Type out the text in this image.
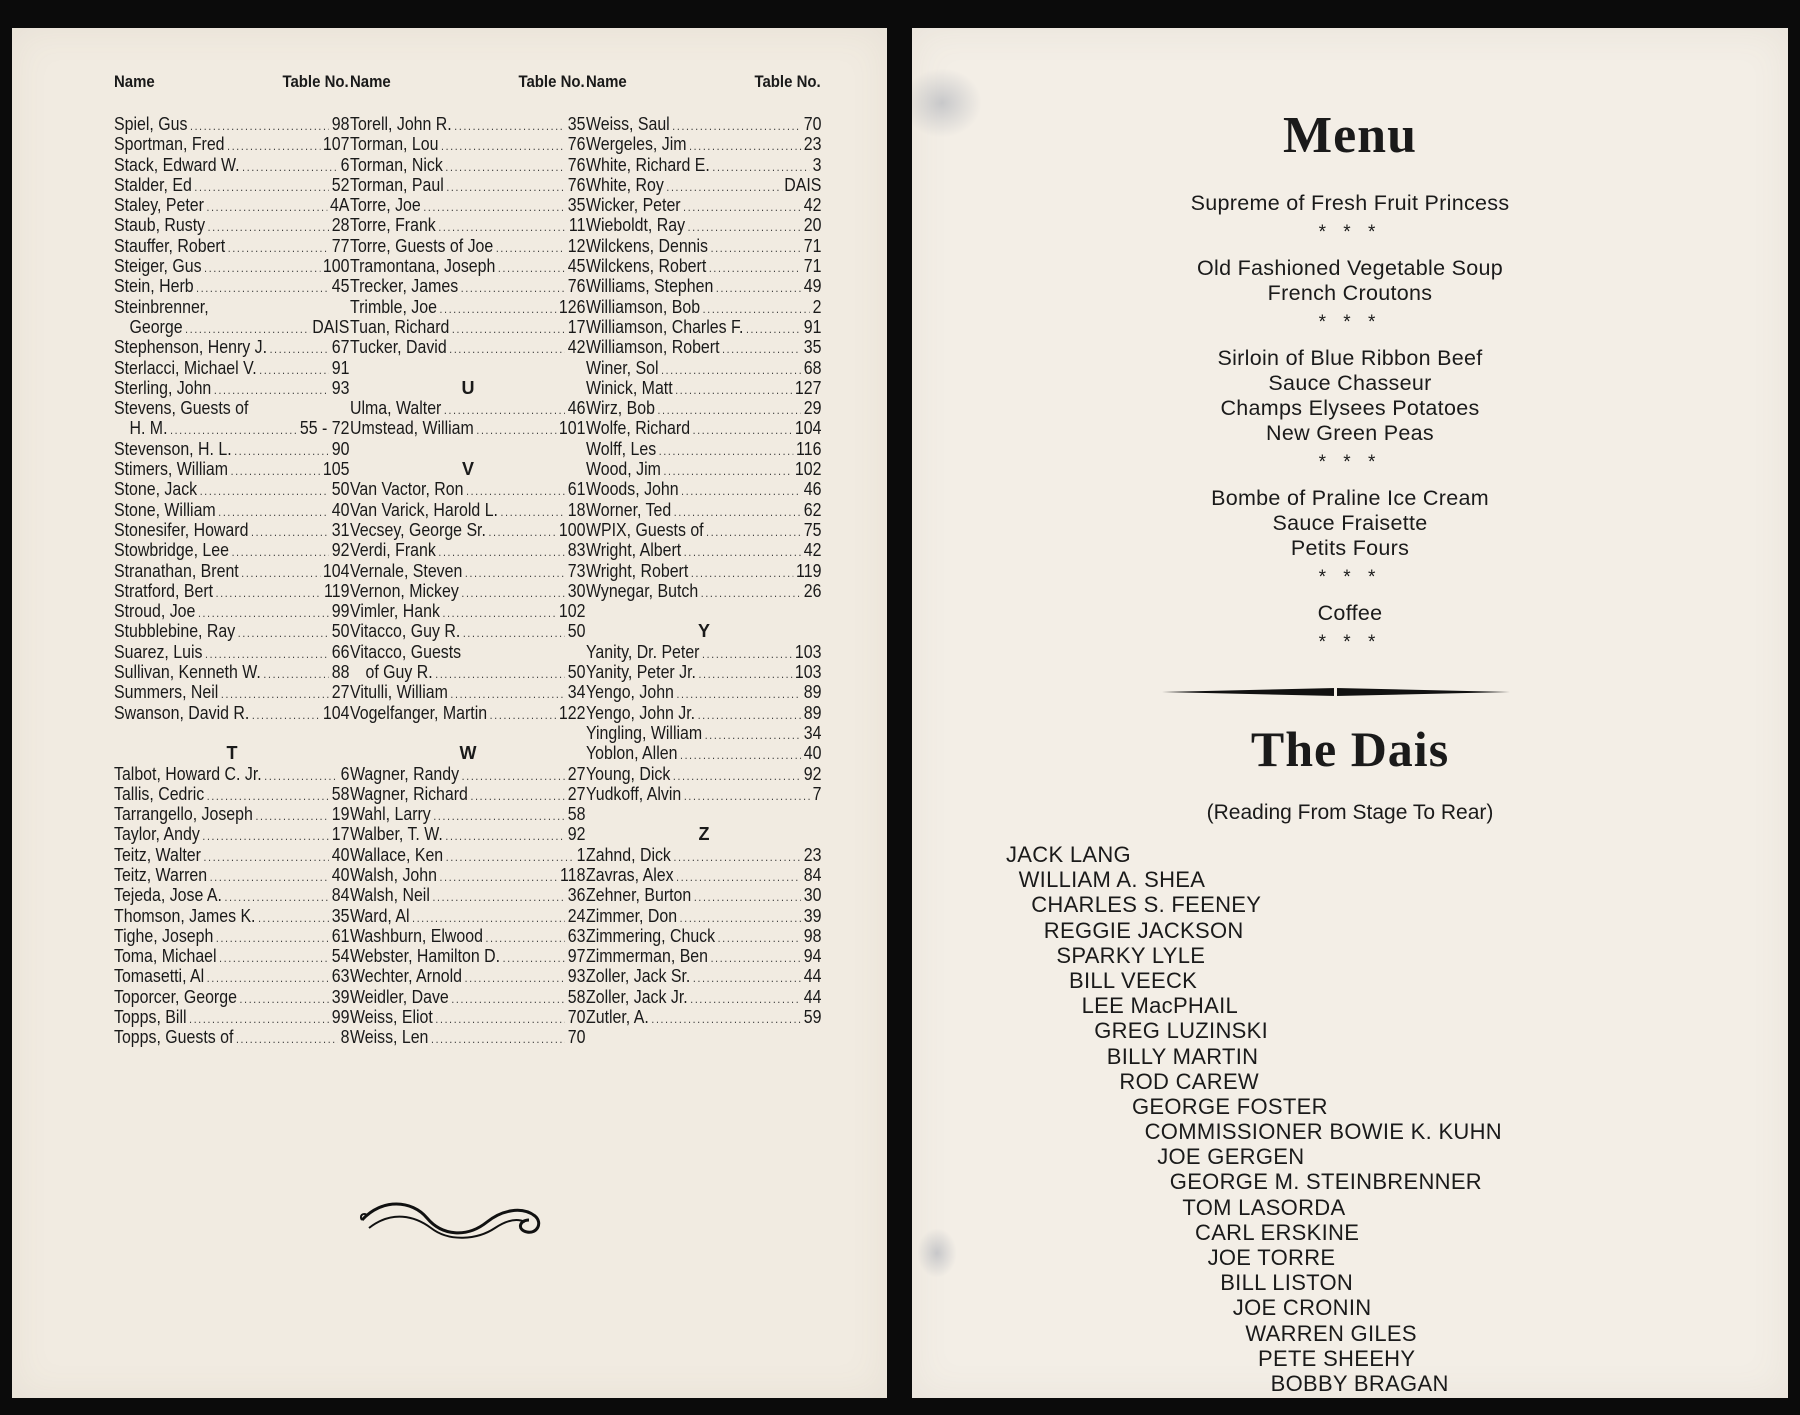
Name	Table No.
Spiel, Gus .....	98
Sportman, Fred .....	107
Stack, Edward W. .....	6
Stalder, Ed .....	52
Staley, Peter .....	4A
Staub, Rusty .....	28
Stauffer, Robert .....	77
Steiger, Gus .....	100
Stein, Herb .....	45
Steinbrenner,
George .....	DAIS
Stephenson, Henry J. .....	67
Sterlacci, Michael V. .....	91
Sterling, John .....	93
Stevens, Guests of
H. M. .....	55 - 72
Stevenson, H. L. .....	90
Stimers, William .....	105
Stone, Jack .....	50
Stone, William .....	40
Stonesifer, Howard .....	31
Stowbridge, Lee .....	92
Stranathan, Brent .....	104
Stratford, Bert .....	119
Stroud, Joe .....	99
Stubblebine, Ray .....	50
Suarez, Luis .....	66
Sullivan, Kenneth W. .....	88
Summers, Neil .....	27
Swanson, David R. .....	104
T
Talbot, Howard C. Jr. .....	6
Tallis, Cedric .....	58
Tarrangello, Joseph .....	19
Taylor, Andy .....	17
Teitz, Walter .....	40
Teitz, Warren .....	40
Tejeda, Jose A. .....	84
Thomson, James K. .....	35
Tighe, Joseph .....	61
Toma, Michael .....	54
Tomasetti, Al .....	63
Toporcer, George .....	39
Topps, Bill .....	99
Topps, Guests of .....	8
Name	Table No.
Torell, John R. .....	35
Torman, Lou .....	76
Torman, Nick .....	76
Torman, Paul .....	76
Torre, Joe .....	35
Torre, Frank .....	11
Torre, Guests of Joe .....	12
Tramontana, Joseph .....	45
Trecker, James .....	76
Trimble, Joe .....	126
Tuan, Richard .....	17
Tucker, David .....	42
U
Ulma, Walter .....	46
Umstead, William .....	101
V
Van Vactor, Ron .....	61
Van Varick, Harold L. .....	18
Vecsey, George Sr. .....	100
Verdi, Frank .....	83
Vernale, Steven .....	73
Vernon, Mickey .....	30
Vimler, Hank .....	102
Vitacco, Guy R. .....	50
Vitacco, Guests
of Guy R. .....	50
Vitulli, William .....	34
Vogelfanger, Martin .....	122
W
Wagner, Randy .....	27
Wagner, Richard .....	27
Wahl, Larry .....	58
Walber, T. W. .....	92
Wallace, Ken .....	1
Walsh, John .....	118
Walsh, Neil .....	36
Ward, Al .....	24
Washburn, Elwood .....	63
Webster, Hamilton D. .....	97
Wechter, Arnold .....	93
Weidler, Dave .....	58
Weiss, Eliot .....	70
Weiss, Len .....	70
Name	Table No.
Weiss, Saul .....	70
Wergeles, Jim .....	23
White, Richard E. .....	3
White, Roy .....	DAIS
Wicker, Peter .....	42
Wieboldt, Ray .....	20
Wilckens, Dennis .....	71
Wilckens, Robert .....	71
Williams, Stephen .....	49
Williamson, Bob .....	2
Williamson, Charles F. .....	91
Williamson, Robert .....	35
Winer, Sol .....	68
Winick, Matt .....	127
Wirz, Bob .....	29
Wolfe, Richard .....	104
Wolff, Les .....	116
Wood, Jim .....	102
Woods, John .....	46
Worner, Ted .....	62
WPIX, Guests of .....	75
Wright, Albert .....	42
Wright, Robert .....	119
Wynegar, Butch .....	26
Y
Yanity, Dr. Peter .....	103
Yanity, Peter Jr. .....	103
Yengo, John .....	89
Yengo, John Jr. .....	89
Yingling, William .....	34
Yoblon, Allen .....	40
Young, Dick .....	92
Yudkoff, Alvin .....	7
Z
Zahnd, Dick .....	23
Zavras, Alex .....	84
Zehner, Burton .....	30
Zimmer, Don .....	39
Zimmering, Chuck .....	98
Zimmerman, Ben .....	94
Zoller, Jack Sr. .....	44
Zoller, Jack Jr. .....	44
Zutler, A. .....	59
Menu
Supreme of Fresh Fruit Princess
* * *
Old Fashioned Vegetable Soup
French Croutons
* * *
Sirloin of Blue Ribbon Beef
Sauce Chasseur
Champs Elysees Potatoes
New Green Peas
* * *
Bombe of Praline Ice Cream
Sauce Fraisette
Petits Fours
* * *
Coffee
* * *
The Dais
(Reading From Stage To Rear)
JACK LANG
WILLIAM A. SHEA
CHARLES S. FEENEY
REGGIE JACKSON
SPARKY LYLE
BILL VEECK
LEE MacPHAIL
GREG LUZINSKI
BILLY MARTIN
ROD CAREW
GEORGE FOSTER
COMMISSIONER BOWIE K. KUHN
JOE GERGEN
GEORGE M. STEINBRENNER
TOM LASORDA
CARL ERSKINE
JOE TORRE
BILL LISTON
JOE CRONIN
WARREN GILES
PETE SHEEHY
BOBBY BRAGAN
